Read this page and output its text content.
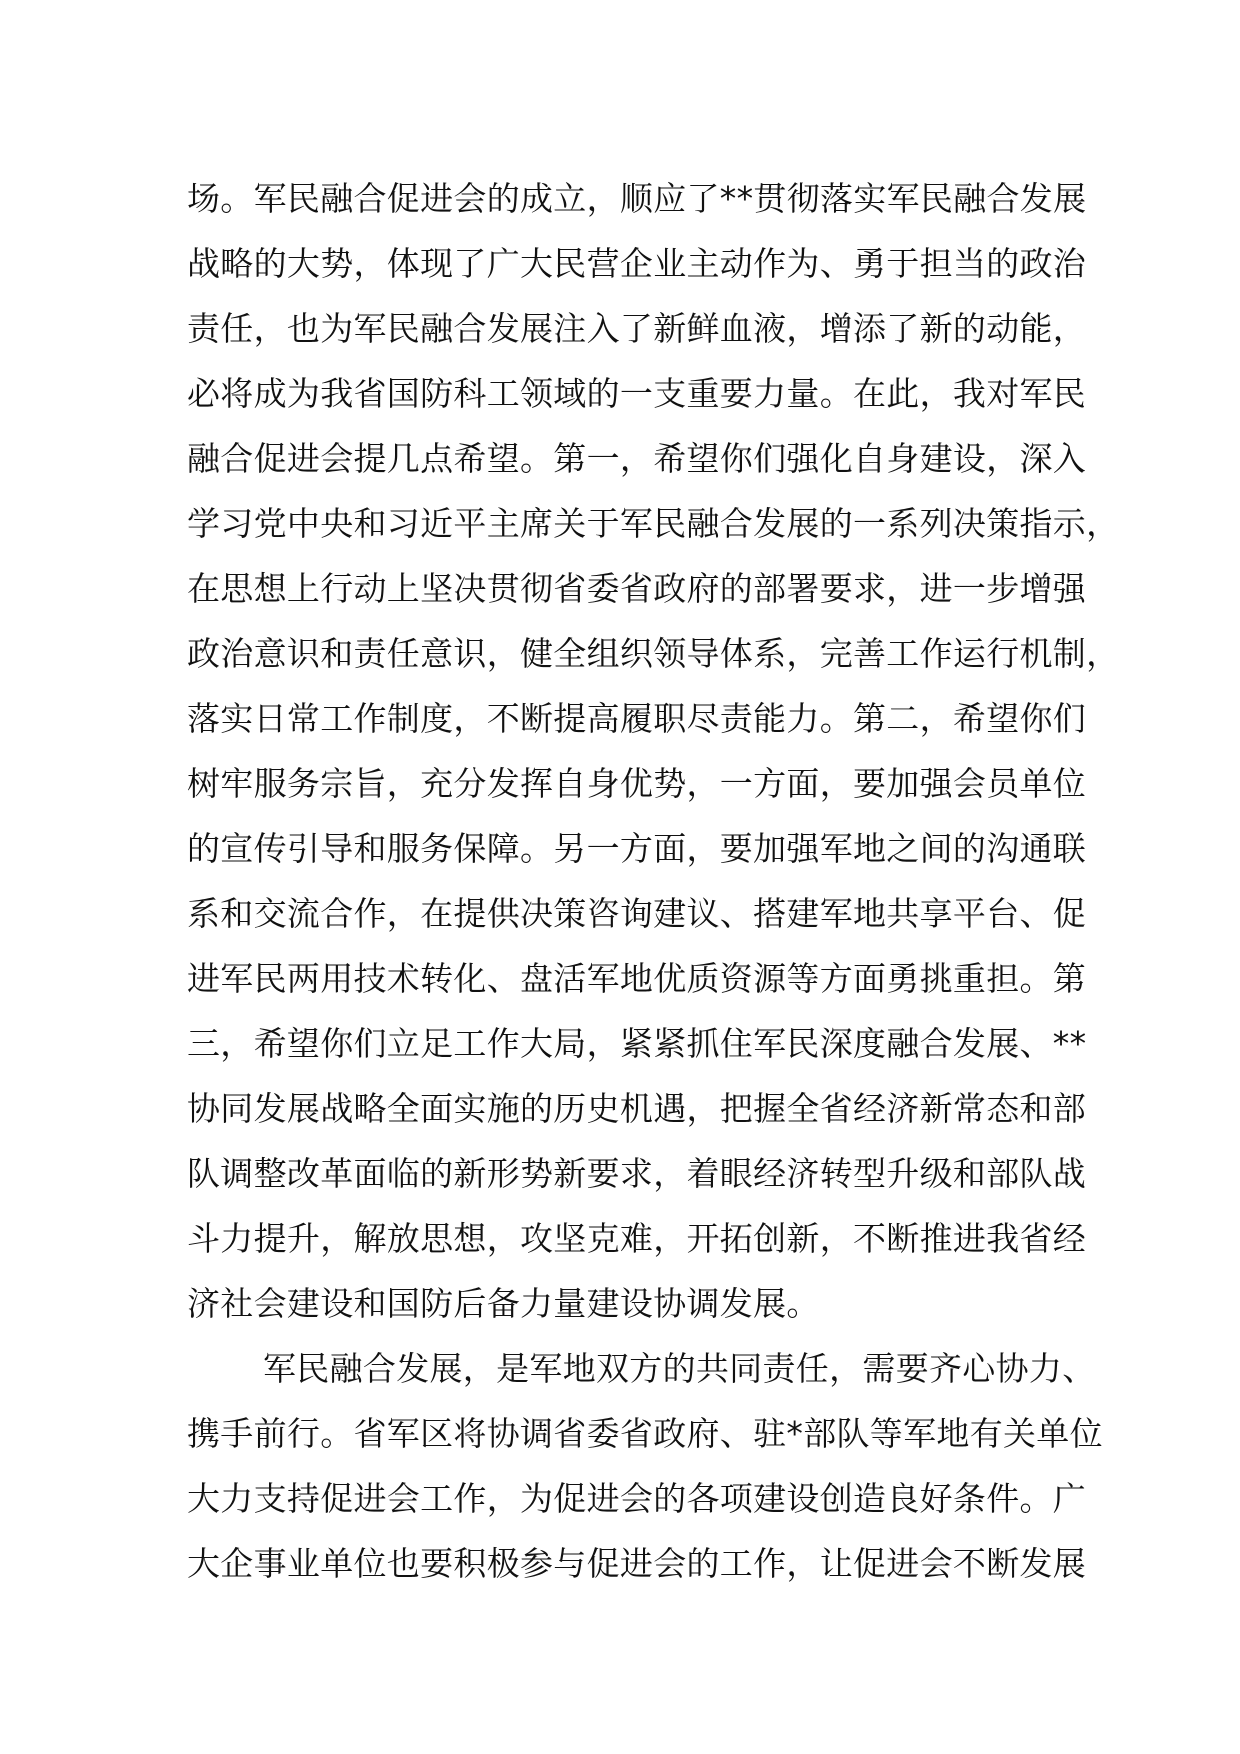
场。军民融合促进会的成立，顺应了**贯彻落实军民融合发展
战略的大势，体现了广大民营企业主动作为、勇于担当的政治
责任，也为军民融合发展注入了新鲜血液，增添了新的动能，
必将成为我省国防科工领域的一支重要力量。在此，我对军民
融合促进会提几点希望。第一，希望你们强化自身建设，深入
学习党中央和习近平主席关于军民融合发展的一系列决策指示，
在思想上行动上坚决贯彻省委省政府的部署要求，进一步增强
政治意识和责任意识，健全组织领导体系，完善工作运行机制，
落实日常工作制度，不断提高履职尽责能力。第二，希望你们
树牢服务宗旨，充分发挥自身优势，一方面，要加强会员单位
的宣传引导和服务保障。另一方面，要加强军地之间的沟通联
系和交流合作，在提供决策咨询建议、搭建军地共享平台、促
进军民两用技术转化、盘活军地优质资源等方面勇挑重担。第
三，希望你们立足工作大局，紧紧抓住军民深度融合发展、**
协同发展战略全面实施的历史机遇，把握全省经济新常态和部
队调整改革面临的新形势新要求，着眼经济转型升级和部队战
斗力提升，解放思想，攻坚克难，开拓创新，不断推进我省经
济社会建设和国防后备力量建设协调发展。
军民融合发展，是军地双方的共同责任，需要齐心协力、
携手前行。省军区将协调省委省政府、驻*部队等军地有关单位
大力支持促进会工作，为促进会的各项建设创造良好条件。广
大企事业单位也要积极参与促进会的工作，让促进会不断发展
